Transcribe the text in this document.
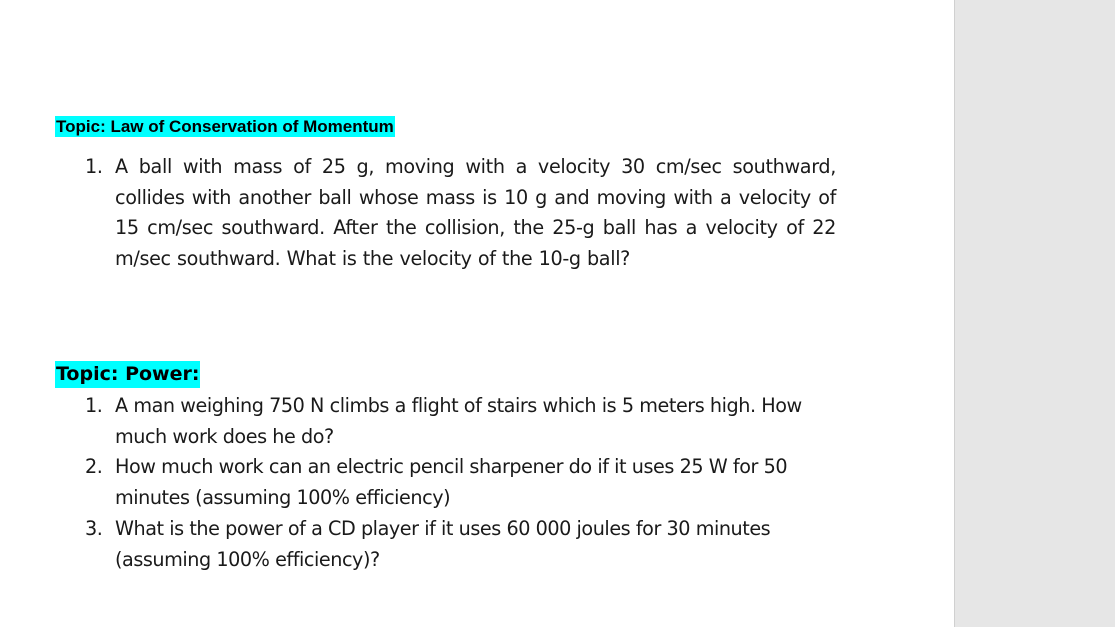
Topic: Law of Conservation of Momentum
1. A ball with mass of 25 g, moving with a velocity 30 cm/sec southward, collides with another ball whose mass is 10 g and moving with a velocity of 15 cm/sec southward. After the collision, the 25-g ball has a velocity of 22 m/sec southward. What is the velocity of the 10-g ball?
Topic: Power:
1. A man weighing 750 N climbs a flight of stairs which is 5 meters high. How much work does he do?
2. How much work can an electric pencil sharpener do if it uses 25 W for 50 minutes (assuming 100% efficiency)
3. What is the power of a CD player if it uses 60 000 joules for 30 minutes (assuming 100% efficiency)?
